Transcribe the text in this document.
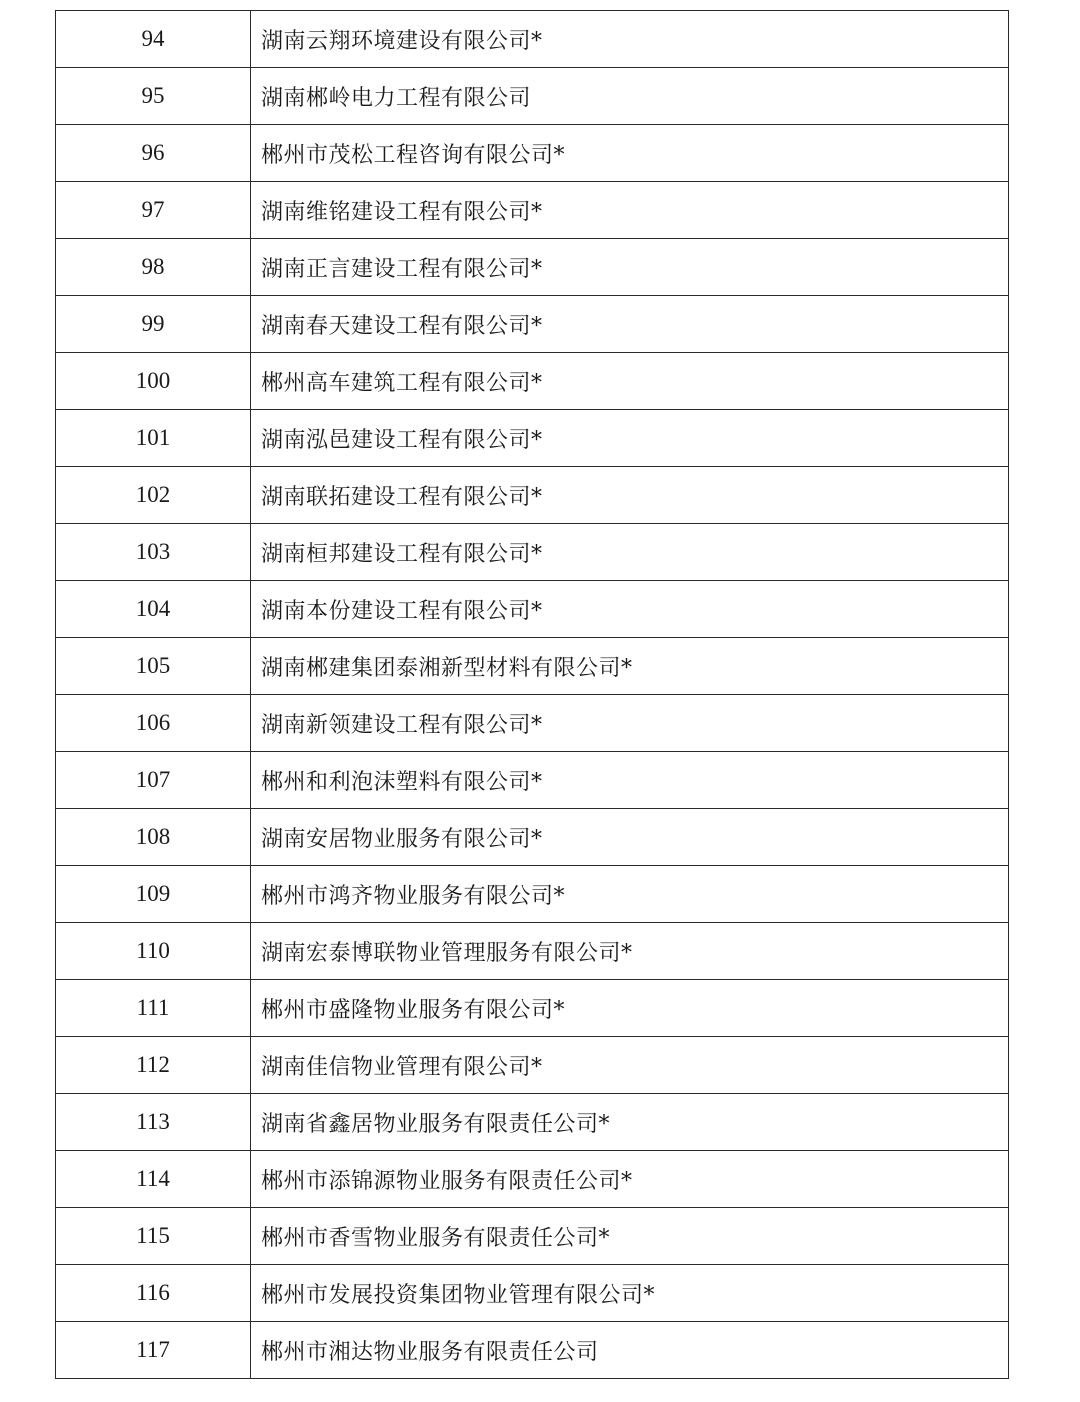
94	湖南云翔环境建设有限公司*
95	湖南郴岭电力工程有限公司
96	郴州市茂松工程咨询有限公司*
97	湖南维铭建设工程有限公司*
98	湖南正言建设工程有限公司*
99	湖南春天建设工程有限公司*
100	郴州高车建筑工程有限公司*
101	湖南泓邑建设工程有限公司*
102	湖南联拓建设工程有限公司*
103	湖南桓邦建设工程有限公司*
104	湖南本份建设工程有限公司*
105	湖南郴建集团泰湘新型材料有限公司*
106	湖南新领建设工程有限公司*
107	郴州和利泡沫塑料有限公司*
108	湖南安居物业服务有限公司*
109	郴州市鸿齐物业服务有限公司*
110	湖南宏泰博联物业管理服务有限公司*
111	郴州市盛隆物业服务有限公司*
112	湖南佳信物业管理有限公司*
113	湖南省鑫居物业服务有限责任公司*
114	郴州市添锦源物业服务有限责任公司*
115	郴州市香雪物业服务有限责任公司*
116	郴州市发展投资集团物业管理有限公司*
117	郴州市湘达物业服务有限责任公司
